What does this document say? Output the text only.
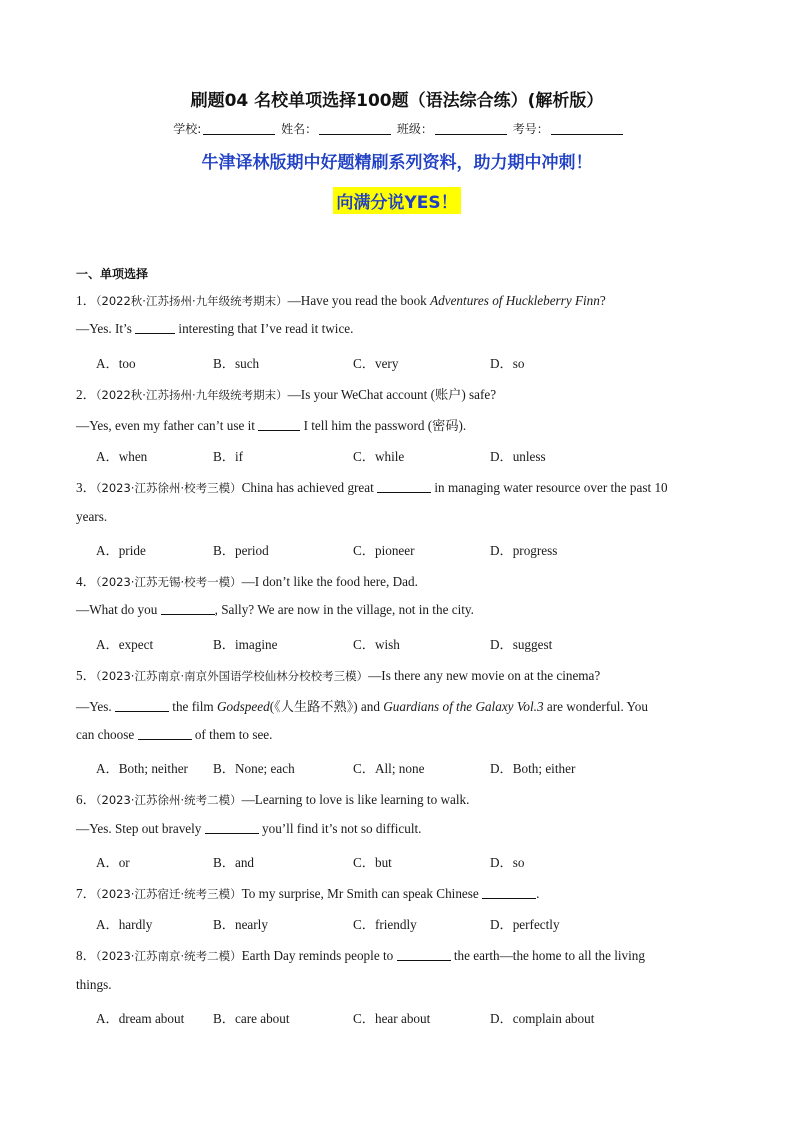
刷题04 名校单项选择100题（语法综合练）(解析版）
学校:	姓名：	班级：	考号：
牛津译林版期中好题精刷系列资料，助力期中冲刺！
向满分说YES！
一、单项选择
1．（2022秋·江苏扬州·九年级统考期末）—Have you read the book Adventures of Huckleberry Finn?
—Yes. It’s	interesting that I’ve read it twice.
A．too	B．such	C．very	D．so
2．（2022秋·江苏扬州·九年级统考期末）—Is your WeChat account (账户) safe?
—Yes, even my father can’t use it	I tell him the password (密码).
A．when	B．if	C．while	D．unless
3．（2023·江苏徐州·校考三模）China has achieved great	in managing water resource over the past 10
years.
A．pride	B．period	C．pioneer	D．progress
4．（2023·江苏无锡·校考一模）—I don’t like the food here, Dad.
—What do you	, Sally? We are now in the village, not in the city.
A．expect	B．imagine	C．wish	D．suggest
5．（2023·江苏南京·南京外国语学校仙林分校校考三模）—Is there any new movie on at the cinema?
—Yes.	the film Godspeed(《人生路不熟》) and Guardians of the Galaxy Vol.3 are wonderful. You
can choose	of them to see.
A．Both; neither B．None; each	C．All; none	D．Both; either
6．（2023·江苏徐州·统考二模）—Learning to love is like learning to walk.
—Yes. Step out bravely	you’ll find it’s not so difficult.
A．or	B．and	C．but	D．so
7．（2023·江苏宿迁·统考三模）To my surprise, Mr Smith can speak Chinese	.
A．hardly	B．nearly	C．friendly	D．perfectly
8．（2023·江苏南京·统考二模）Earth Day reminds people to	the earth—the home to all the living
things.
A．dream about B．care about	C．hear about	D．complain about
